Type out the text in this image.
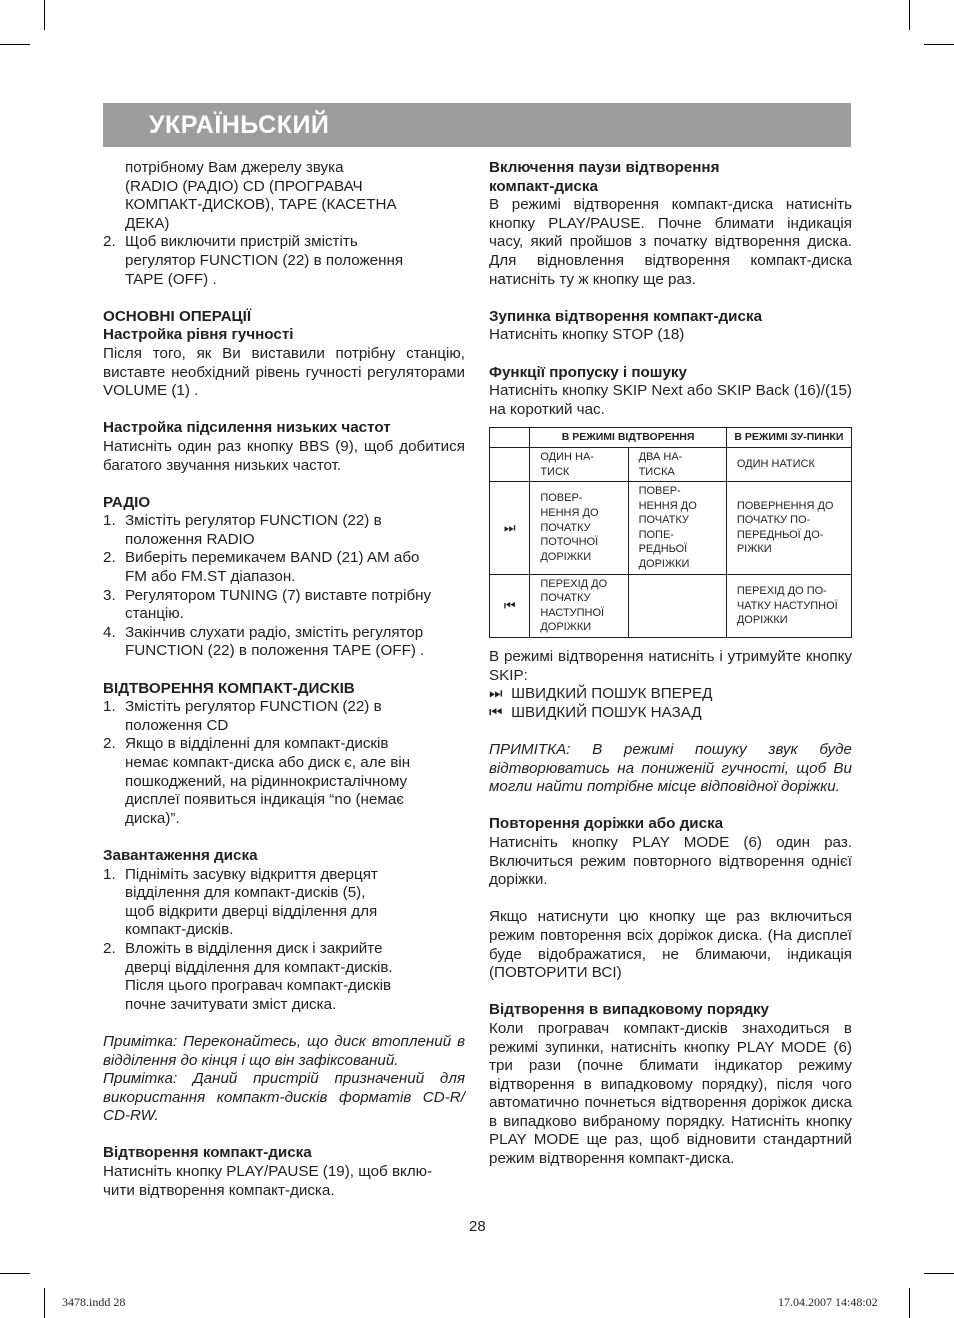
УКРАЇНЬСКИЙ

потрібному Вам джерелу звука

(RADIO (РАДІО) CD (ПРОГРАВАЧ

КОМПАКТ-ДИСКОВ), TAPE (КАСЕТНА

ДЕКА)

2. Щоб виключити пристрій змістіть

регулятор FUNCTION (22) в положення

TAPE (OFF) .

ОСНОВНІ ОПЕРАЦІЇ

Настройка рівня гучності

Після того, як Ви виставили потрібну станцію, виставте необхідний рівень гучності регуляторами VOLUME (1) .

Настройка підсилення низьких частот

Натисніть один раз кнопку BBS (9), щоб добитися багатого звучання низьких частот.

РАДІО

1. Змістіть регулятор FUNCTION (22) в

положення RADIO

2. Виберіть перемикачем BAND (21) AM або

FM або FM.ST діапазон.

3. Регулятором TUNING (7) виставте потрібну

станцію.

4. Закінчив слухати радіо, змістіть регулятор

FUNCTION (22) в положення TAPE (OFF) .

ВІДТВОРЕННЯ КОМПАКТ-ДИСКІВ

1. Змістіть регулятор FUNCTION (22) в

положення CD

2. Якщо в відділенні для компакт-дисків

немає компакт-диска або диск є, але він

пошкоджений, на рідиннокристалічному

дисплеї появиться індикація “no (немає

диска)”.

Завантаження диска

1. Підніміть засувку відкриття дверцят

відділення для компакт-дисків (5),

щоб відкрити дверці відділення для

компакт-дисків.

2. Вложіть в відділення диск і закрийте

дверці відділення для компакт-дисків.

Після цього програвач компакт-дисків

почне зачитувати зміст диска.

Примітка: Переконайтесь, що диск втоплений в відділення до кінця і що він зафіксований.

Примітка: Даний пристрій призначений для використання компакт-дисків форматів CD-R/ CD-RW.

Відтворення компакт-диска

Натисніть кнопку PLAY/PAUSE (19), щоб вклю-

чити відтворення компакт-диска.

Включення паузи відтворення

компакт-диска

В режимі відтворення компакт-диска натисніть кнопку PLAY/PAUSE. Почне блимати індикація часу, який пройшов з початку відтворення диска. Для відновлення відтворення компакт-диска натисніть ту ж кнопку ще раз.

Зупинка відтворення компакт-диска

Натисніть кнопку STOP (18)

Функції пропуску і пошуку

Натисніть кнопку SKIP Next або SKIP Back (16)/(15) на короткий час.

	В РЕЖИМІ ВІДТВОРЕННЯ		В РЕЖИМІ ЗУ-ПИНКИ
	ОДИН НА-ТИСК	ДВА НА-ТИСКА	ОДИН НАТИСК
⏭	ПОВЕР-НЕННЯ ДО ПОЧАТКУ ПОТОЧНОЇ ДОРІЖКИ	ПОВЕР-НЕННЯ ДО ПОЧАТКУ ПОПЕ-РЕДНЬОЇ ДОРІЖКИ	ПОВЕРНЕННЯ ДО ПОЧАТКУ ПО-ПЕРЕДНЬОЇ ДО-РІЖКИ
⏮	ПЕРЕХІД ДО ПОЧАТКУ НАСТУПНОЇ ДОРІЖКИ		ПЕРЕХІД ДО ПО-ЧАТКУ НАСТУПНОЇ ДОРІЖКИ

В режимі відтворення натисніть і утримуйте кнопку SKIP:

⏭ ШВИДКИЙ ПОШУК ВПЕРЕД

⏮ ШВИДКИЙ ПОШУК НАЗАД

ПРИМІТКА: В режимі пошуку звук буде відтворюватись на пониженій гучності, щоб Ви могли найти потрібне місце відповідної доріжки.

Повторення доріжки або диска

Натисніть кнопку PLAY MODE (6) один раз. Включиться режим повторного відтворення однієї доріжки.

Якщо натиснути цю кнопку ще раз включиться режим повторення всіх доріжок диска. (На дисплеї буде відображатися, не блимаючи, індикація (ПОВТОРИТИ ВСІ)

Відтворення в випадковому порядку

Коли програвач компакт-дисків знаходиться в режимі зупинки, натисніть кнопку PLAY MODE (6) три рази (почне блимати індикатор режиму відтворення в випадковому порядку), після чого автоматично почнеться відтворення доріжок диска в випадково вибраному порядку. Натисніть кнопку PLAY MODE ще раз, щоб відновити стандартний режим відтворення компакт-диска.

28
3478.indd 28	17.04.2007 14:48:02
